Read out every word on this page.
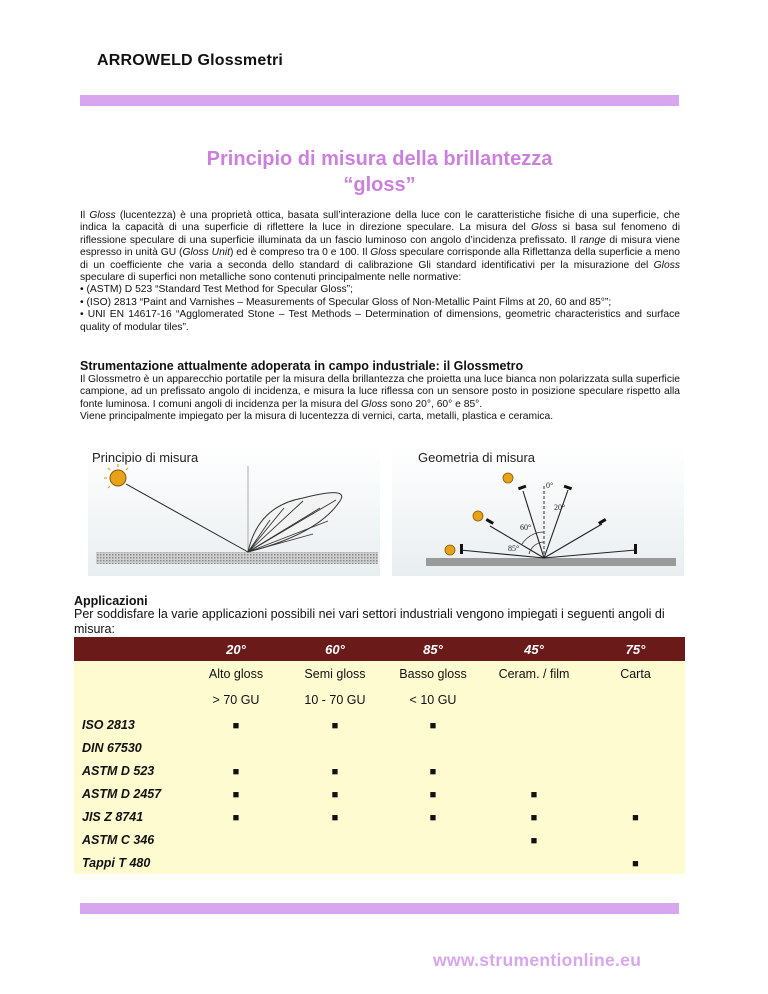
ARROWELD Glossmetri
Principio di misura della brillantezza
“gloss”

Il Gloss (lucentezza) è una proprietà ottica, basata sull’interazione della luce con le caratteristiche fisiche di una superficie, che indica la capacità di una superficie di riflettere la luce in direzione speculare. La misura del Gloss si basa sul fenomeno di riflessione speculare di una superficie illuminata da un fascio luminoso con angolo d’incidenza prefissato. Il range di misura viene espresso in unità GU (Gloss Unit) ed è compreso tra 0 e 100. Il Gloss speculare corrisponde alla Riflettanza della superficie a meno di un coefficiente che varia a seconda dello standard di calibrazione Gli standard identificativi per la misurazione del Gloss speculare di superfici non metalliche sono contenuti principalmente nelle normative:

• (ASTM) D 523 “Standard Test Method for Specular Gloss”;

• (ISO) 2813 “Paint and Varnishes – Measurements of Specular Gloss of Non-Metallic Paint Films at 20, 60 and 85°”;

• UNI EN 14617-16 “Agglomerated Stone – Test Methods – Determination of dimensions, geometric characteristics and surface quality of modular tiles”.

Strumentazione attualmente adoperata in campo industriale: il Glossmetro

Il Glossmetro è un apparecchio portatile per la misura della brillantezza che proietta una luce bianca non polarizzata sulla superficie campione, ad un prefissato angolo di incidenza, e misura la luce riflessa con un sensore posto in posizione speculare rispetto alla fonte luminosa. I comuni angoli di incidenza per la misura del Gloss sono 20°, 60° e 85°.

Viene principalmente impiegato per la misura di lucentezza di vernici, carta, metalli, plastica e ceramica.

Principio di misura	Geometria di misura
0°
20°
60°
85°
Applicazioni
Per soddisfare la varie applicazioni possibili nei vari settori industriali vengono impiegati i seguenti angoli di misura:
	20°	60°	85°	45°	75°
	Alto gloss	Semi gloss	Basso gloss	Ceram. / film	Carta
	> 70 GU	10 - 70 GU	< 10 GU		
ISO 2813	■	■	■		
DIN 67530					
ASTM D 523	■	■	■		
ASTM D 2457	■	■	■	■	
JIS Z 8741	■	■	■	■	■
ASTM C 346				■	
Tappi T 480					■
www.strumentionline.eu
